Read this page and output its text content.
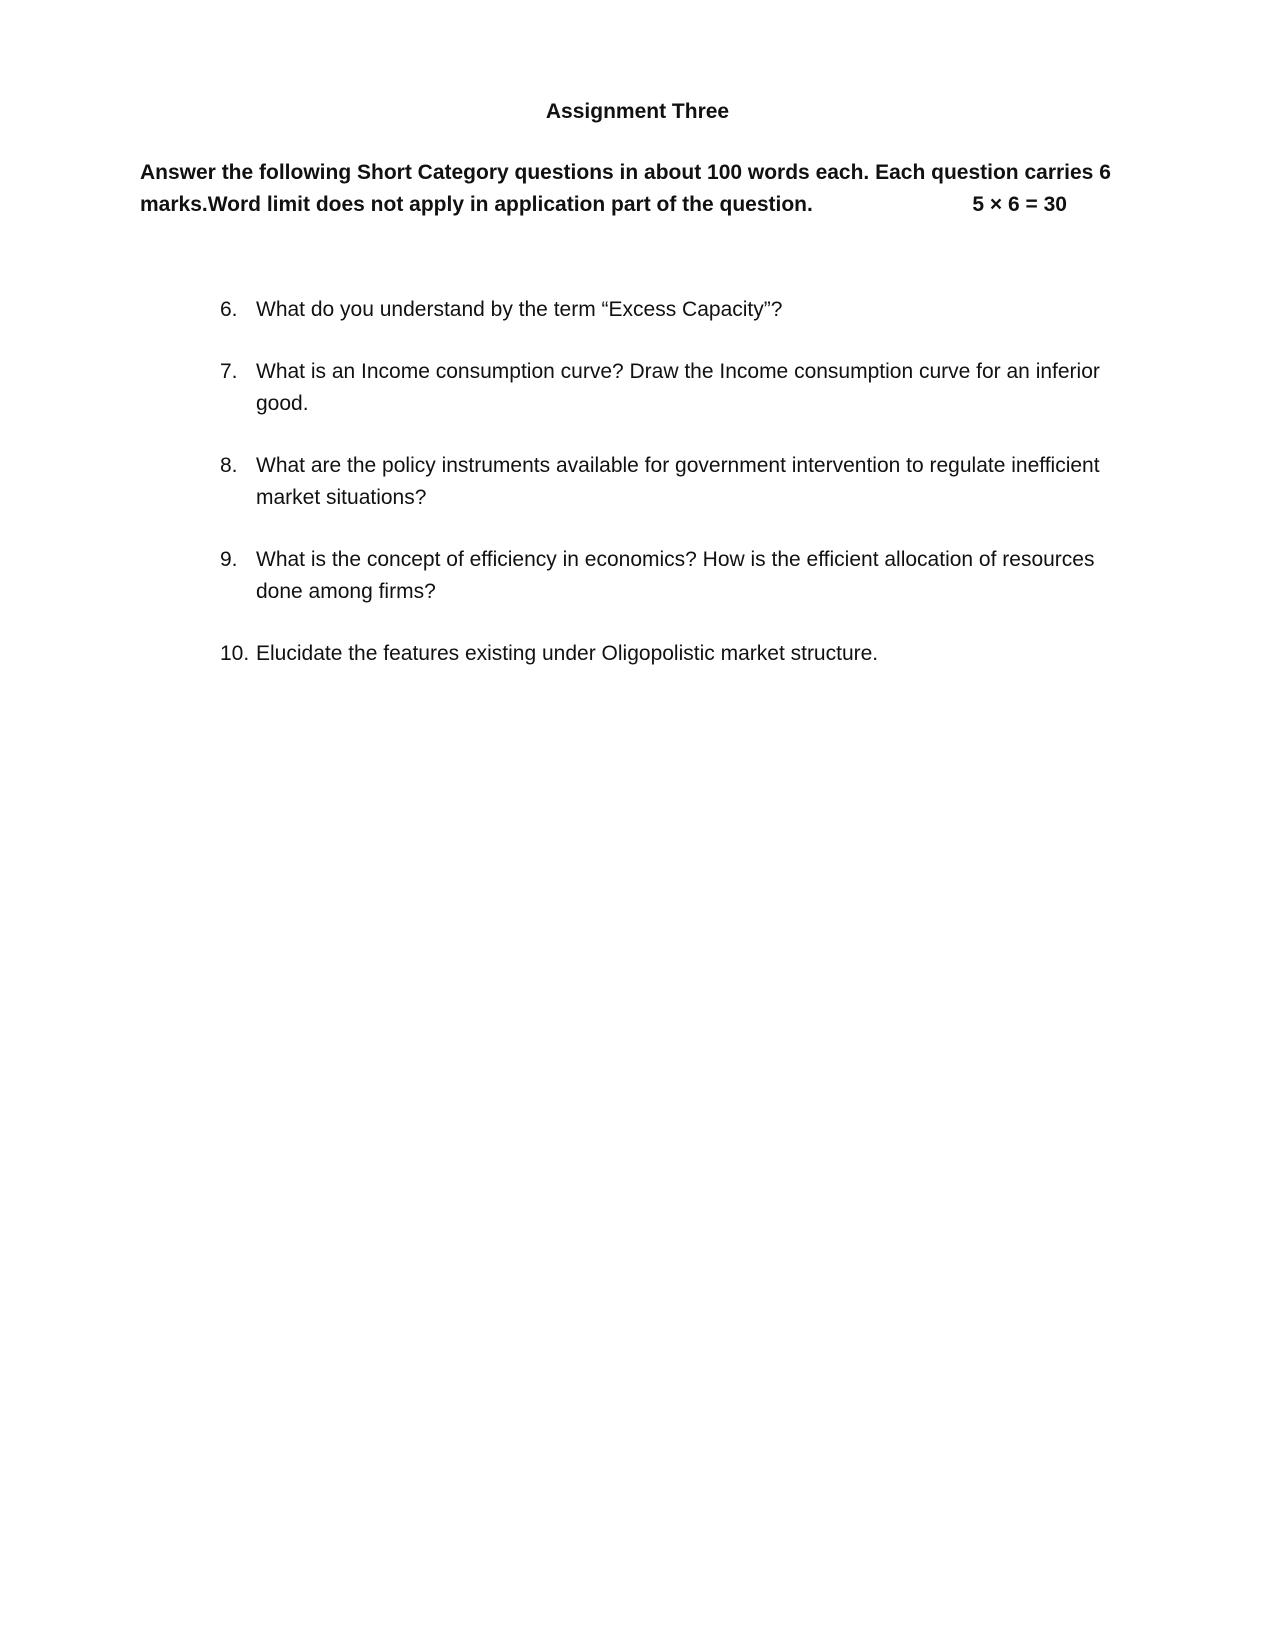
Assignment Three

Answer the following Short Category questions in about 100 words each. Each question carries 6 marks.Word limit does not apply in application part of the question.	5 × 6 = 30

6. What do you understand by the term “Excess Capacity”?
7. What is an Income consumption curve? Draw the Income consumption curve for an inferior good.
8. What are the policy instruments available for government intervention to regulate inefficient market situations?
9. What is the concept of efficiency in economics? How is the efficient allocation of resources done among firms?
10. Elucidate the features existing under Oligopolistic market structure.
